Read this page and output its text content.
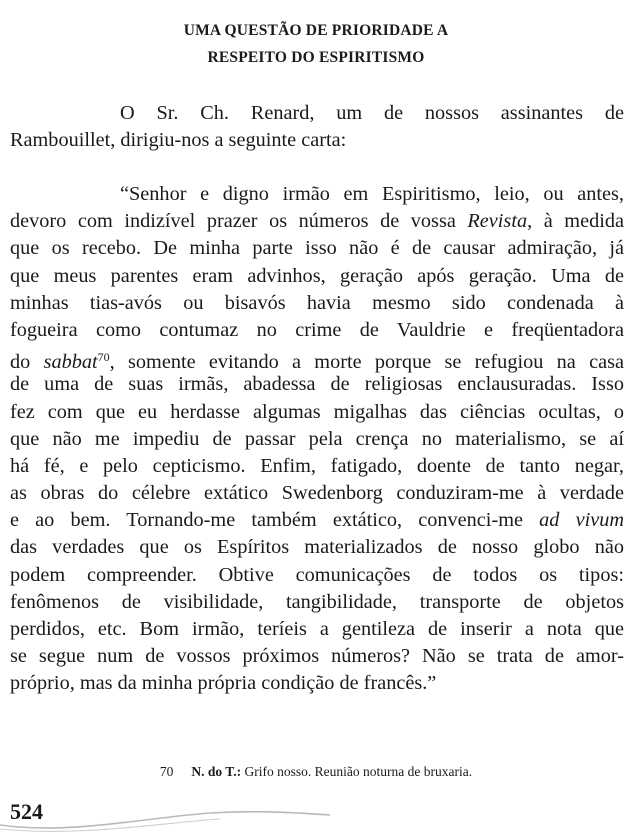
UMA QUESTÃO DE PRIORIDADE A
RESPEITO DO ESPIRITISMO
O Sr. Ch. Renard, um de nossos assinantes de
Rambouillet, dirigiu-nos a seguinte carta:
“Senhor e digno irmão em Espiritismo, leio, ou antes,
devoro com indizível prazer os números de vossa Revista, à medida
que os recebo. De minha parte isso não é de causar admiração, já
que meus parentes eram advinhos, geração após geração. Uma de
minhas tias-avós ou bisavós havia mesmo sido condenada à
fogueira como contumaz no crime de Vauldrie e freqüentadora
do sabbat$^{70}$, somente evitando a morte porque se refugiou na casa
de uma de suas irmãs, abadessa de religiosas enclausuradas. Isso
fez com que eu herdasse algumas migalhas das ciências ocultas, o
que não me impediu de passar pela crença no materialismo, se aí
há fé, e pelo cepticismo. Enfim, fatigado, doente de tanto negar,
as obras do célebre extático Swedenborg conduziram-me à verdade
e ao bem. Tornando-me também extático, convenci-me ad vivum
das verdades que os Espíritos materializados de nosso globo não
podem compreender. Obtive comunicações de todos os tipos:
fenômenos de visibilidade, tangibilidade, transporte de objetos
perdidos, etc. Bom irmão, teríeis a gentileza de inserir a nota que
se segue num de vossos próximos números? Não se trata de amor-
próprio, mas da minha própria condição de francês.”
70 N. do T.: Grifo nosso. Reunião noturna de bruxaria.
524
